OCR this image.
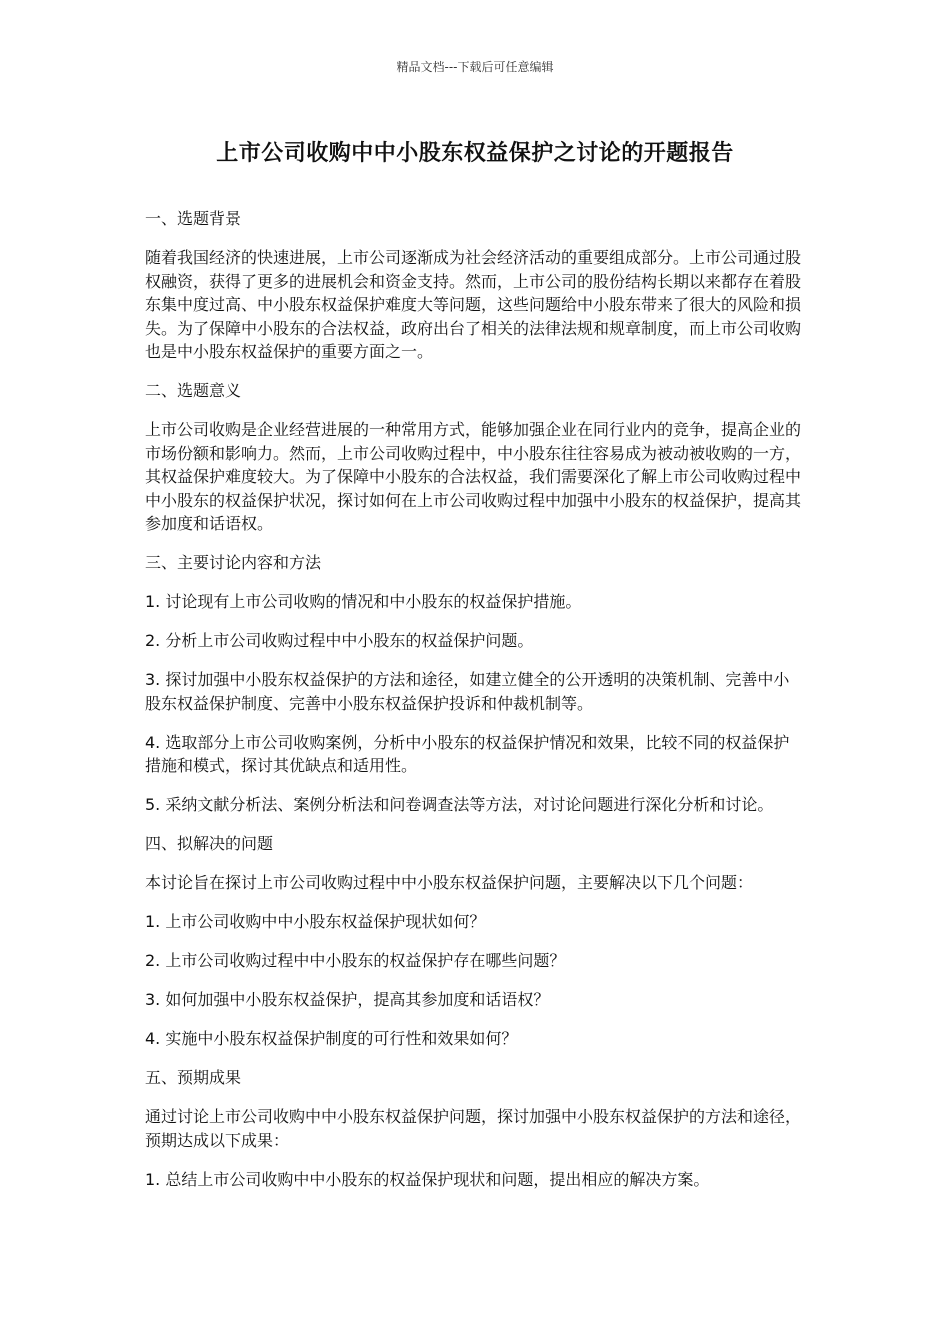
精品文档---下载后可任意编辑
上市公司收购中中小股东权益保护之讨论的开题报告

一、选题背景

随着我国经济的快速进展，上市公司逐渐成为社会经济活动的重要组成部分。上市公司通过股权融资，获得了更多的进展机会和资金支持。然而，上市公司的股份结构长期以来都存在着股东集中度过高、中小股东权益保护难度大等问题，这些问题给中小股东带来了很大的风险和损失。为了保障中小股东的合法权益，政府出台了相关的法律法规和规章制度，而上市公司收购也是中小股东权益保护的重要方面之一。

二、选题意义

上市公司收购是企业经营进展的一种常用方式，能够加强企业在同行业内的竞争，提高企业的市场份额和影响力。然而，上市公司收购过程中，中小股东往往容易成为被动被收购的一方，其权益保护难度较大。为了保障中小股东的合法权益，我们需要深化了解上市公司收购过程中中小股东的权益保护状况，探讨如何在上市公司收购过程中加强中小股东的权益保护，提高其参加度和话语权。

三、主要讨论内容和方法

1. 讨论现有上市公司收购的情况和中小股东的权益保护措施。

2. 分析上市公司收购过程中中小股东的权益保护问题。

3. 探讨加强中小股东权益保护的方法和途径，如建立健全的公开透明的决策机制、完善中小股东权益保护制度、完善中小股东权益保护投诉和仲裁机制等。

4. 选取部分上市公司收购案例，分析中小股东的权益保护情况和效果，比较不同的权益保护措施和模式，探讨其优缺点和适用性。

5. 采纳文献分析法、案例分析法和问卷调查法等方法，对讨论问题进行深化分析和讨论。

四、拟解决的问题

本讨论旨在探讨上市公司收购过程中中小股东权益保护问题，主要解决以下几个问题：

1. 上市公司收购中中小股东权益保护现状如何？

2. 上市公司收购过程中中小股东的权益保护存在哪些问题？

3. 如何加强中小股东权益保护，提高其参加度和话语权？

4. 实施中小股东权益保护制度的可行性和效果如何？

五、预期成果

通过讨论上市公司收购中中小股东权益保护问题，探讨加强中小股东权益保护的方法和途径，预期达成以下成果：

1. 总结上市公司收购中中小股东的权益保护现状和问题，提出相应的解决方案。
